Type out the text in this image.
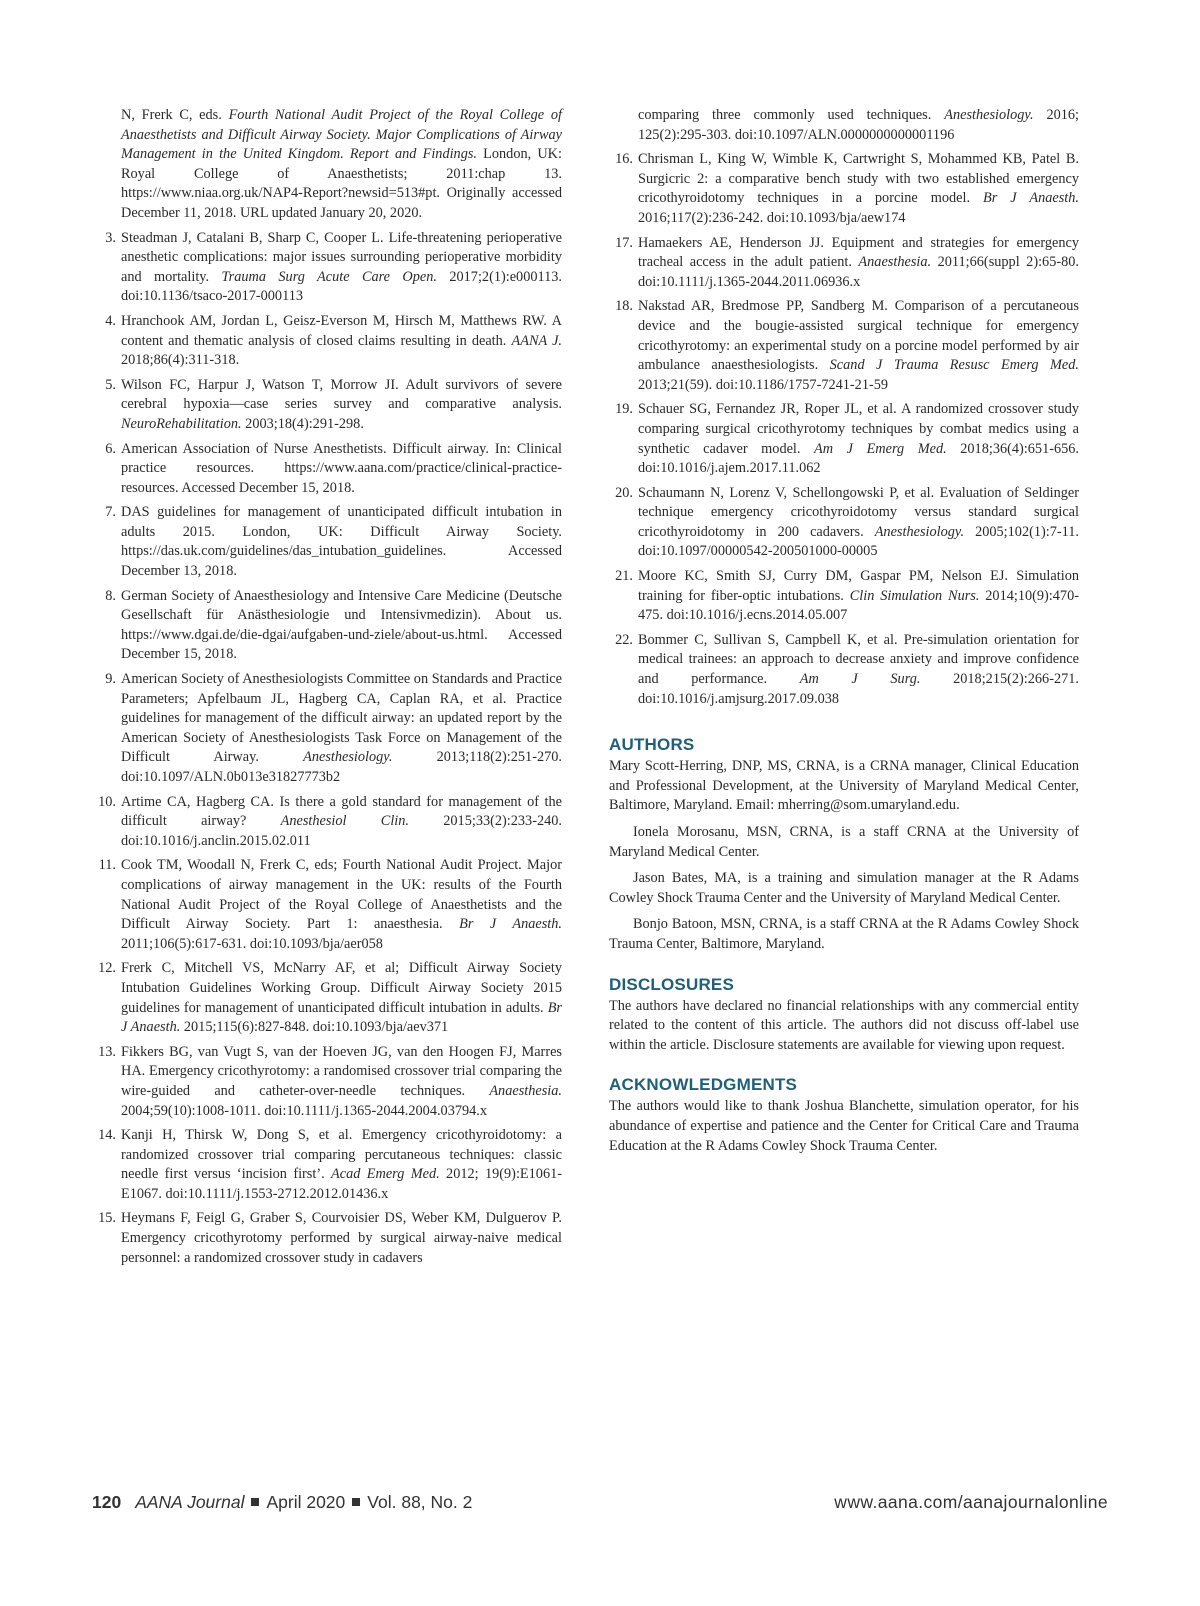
N, Frerk C, eds. Fourth National Audit Project of the Royal College of Anaesthetists and Difficult Airway Society. Major Complications of Airway Management in the United Kingdom. Report and Findings. London, UK: Royal College of Anaesthetists; 2011:chap 13. https://www.niaa.org.uk/NAP4-Report?newsid=513#pt. Originally accessed December 11, 2018. URL updated January 20, 2020.
3. Steadman J, Catalani B, Sharp C, Cooper L. Life-threatening perioperative anesthetic complications: major issues surrounding perioperative morbidity and mortality. Trauma Surg Acute Care Open. 2017;2(1):e000113. doi:10.1136/tsaco-2017-000113
4. Hranchook AM, Jordan L, Geisz-Everson M, Hirsch M, Matthews RW. A content and thematic analysis of closed claims resulting in death. AANA J. 2018;86(4):311-318.
5. Wilson FC, Harpur J, Watson T, Morrow JI. Adult survivors of severe cerebral hypoxia—case series survey and comparative analysis. NeuroRehabilitation. 2003;18(4):291-298.
6. American Association of Nurse Anesthetists. Difficult airway. In: Clinical practice resources. https://www.aana.com/practice/clinical-practice-resources. Accessed December 15, 2018.
7. DAS guidelines for management of unanticipated difficult intubation in adults 2015. London, UK: Difficult Airway Society. https://das.uk.com/guidelines/das_intubation_guidelines. Accessed December 13, 2018.
8. German Society of Anaesthesiology and Intensive Care Medicine (Deutsche Gesellschaft für Anästhesiologie und Intensivmedizin). About us. https://www.dgai.de/die-dgai/aufgaben-und-ziele/about-us.html. Accessed December 15, 2018.
9. American Society of Anesthesiologists Committee on Standards and Practice Parameters; Apfelbaum JL, Hagberg CA, Caplan RA, et al. Practice guidelines for management of the difficult airway: an updated report by the American Society of Anesthesiologists Task Force on Management of the Difficult Airway. Anesthesiology. 2013;118(2):251-270. doi:10.1097/ALN.0b013e31827773b2
10. Artime CA, Hagberg CA. Is there a gold standard for management of the difficult airway? Anesthesiol Clin. 2015;33(2):233-240. doi:10.1016/j.anclin.2015.02.011
11. Cook TM, Woodall N, Frerk C, eds; Fourth National Audit Project. Major complications of airway management in the UK: results of the Fourth National Audit Project of the Royal College of Anaesthetists and the Difficult Airway Society. Part 1: anaesthesia. Br J Anaesth. 2011;106(5):617-631. doi:10.1093/bja/aer058
12. Frerk C, Mitchell VS, McNarry AF, et al; Difficult Airway Society Intubation Guidelines Working Group. Difficult Airway Society 2015 guidelines for management of unanticipated difficult intubation in adults. Br J Anaesth. 2015;115(6):827-848. doi:10.1093/bja/aev371
13. Fikkers BG, van Vugt S, van der Hoeven JG, van den Hoogen FJ, Marres HA. Emergency cricothyrotomy: a randomised crossover trial comparing the wire-guided and catheter-over-needle techniques. Anaesthesia. 2004;59(10):1008-1011. doi:10.1111/j.1365-2044.2004.03794.x
14. Kanji H, Thirsk W, Dong S, et al. Emergency cricothyroidotomy: a randomized crossover trial comparing percutaneous techniques: classic needle first versus ‘incision first’. Acad Emerg Med. 2012; 19(9):E1061-E1067. doi:10.1111/j.1553-2712.2012.01436.x
15. Heymans F, Feigl G, Graber S, Courvoisier DS, Weber KM, Dulguerov P. Emergency cricothyrotomy performed by surgical airway-naive medical personnel: a randomized crossover study in cadavers
comparing three commonly used techniques. Anesthesiology. 2016; 125(2):295-303. doi:10.1097/ALN.0000000000001196
16. Chrisman L, King W, Wimble K, Cartwright S, Mohammed KB, Patel B. Surgicric 2: a comparative bench study with two established emergency cricothyroidotomy techniques in a porcine model. Br J Anaesth. 2016;117(2):236-242. doi:10.1093/bja/aew174
17. Hamaekers AE, Henderson JJ. Equipment and strategies for emergency tracheal access in the adult patient. Anaesthesia. 2011;66(suppl 2):65-80. doi:10.1111/j.1365-2044.2011.06936.x
18. Nakstad AR, Bredmose PP, Sandberg M. Comparison of a percutaneous device and the bougie-assisted surgical technique for emergency cricothyrotomy: an experimental study on a porcine model performed by air ambulance anaesthesiologists. Scand J Trauma Resusc Emerg Med. 2013;21(59). doi:10.1186/1757-7241-21-59
19. Schauer SG, Fernandez JR, Roper JL, et al. A randomized crossover study comparing surgical cricothyrotomy techniques by combat medics using a synthetic cadaver model. Am J Emerg Med. 2018;36(4):651-656. doi:10.1016/j.ajem.2017.11.062
20. Schaumann N, Lorenz V, Schellongowski P, et al. Evaluation of Seldinger technique emergency cricothyroidotomy versus standard surgical cricothyroidotomy in 200 cadavers. Anesthesiology. 2005;102(1):7-11. doi:10.1097/00000542-200501000-00005
21. Moore KC, Smith SJ, Curry DM, Gaspar PM, Nelson EJ. Simulation training for fiber-optic intubations. Clin Simulation Nurs. 2014;10(9):470-475. doi:10.1016/j.ecns.2014.05.007
22. Bommer C, Sullivan S, Campbell K, et al. Pre-simulation orientation for medical trainees: an approach to decrease anxiety and improve confidence and performance. Am J Surg. 2018;215(2):266-271. doi:10.1016/j.amjsurg.2017.09.038
AUTHORS

Mary Scott-Herring, DNP, MS, CRNA, is a CRNA manager, Clinical Education and Professional Development, at the University of Maryland Medical Center, Baltimore, Maryland. Email: mherring@som.umaryland.edu.

Ionela Morosanu, MSN, CRNA, is a staff CRNA at the University of Maryland Medical Center.

Jason Bates, MA, is a training and simulation manager at the R Adams Cowley Shock Trauma Center and the University of Maryland Medical Center.

Bonjo Batoon, MSN, CRNA, is a staff CRNA at the R Adams Cowley Shock Trauma Center, Baltimore, Maryland.

DISCLOSURES

The authors have declared no financial relationships with any commercial entity related to the content of this article. The authors did not discuss off-label use within the article. Disclosure statements are available for viewing upon request.

ACKNOWLEDGMENTS

The authors would like to thank Joshua Blanchette, simulation operator, for his abundance of expertise and patience and the Center for Critical Care and Trauma Education at the R Adams Cowley Shock Trauma Center.

120 AANA Journal April 2020 Vol. 88, No. 2	www.aana.com/aanajournalonline
